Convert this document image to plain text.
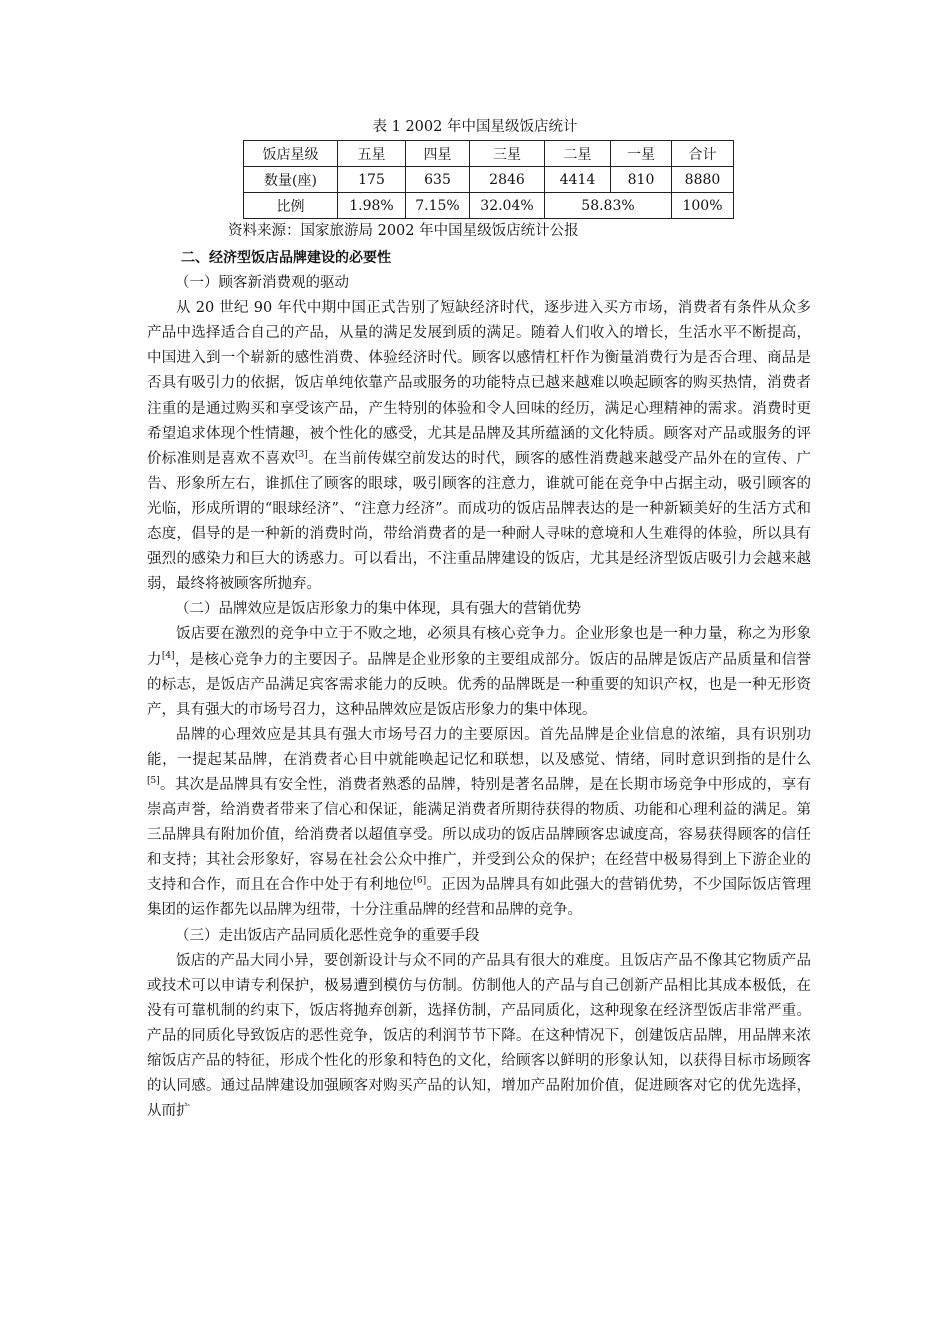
表 1 2002 年中国星级饭店统计
饭店星级	五星	四星	三星	二星	一星	合计
数量(座)	175	635	2846	4414	810	8880
比例	1.98%	7.15%	32.04%	58.83%		100%
资料来源：国家旅游局 2002 年中国星级饭店统计公报

二、经济型饭店品牌建设的必要性

（一）顾客新消费观的驱动

从 20 世纪 90 年代中期中国正式告别了短缺经济时代，逐步进入买方市场，消费者有条件从众多产品中选择适合自己的产品，从量的满足发展到质的满足。随着人们收入的增长，生活水平不断提高，中国进入到一个崭新的感性消费、体验经济时代。顾客以感情杠杆作为衡量消费行为是否合理、商品是否具有吸引力的依据，饭店单纯依靠产品或服务的功能特点已越来越难以唤起顾客的购买热情，消费者注重的是通过购买和享受该产品，产生特别的体验和令人回味的经历，满足心理精神的需求。消费时更希望追求体现个性情趣，被个性化的感受，尤其是品牌及其所蕴涵的文化特质。顾客对产品或服务的评价标准则是喜欢不喜欢[3]。在当前传媒空前发达的时代，顾客的感性消费越来越受产品外在的宣传、广告、形象所左右，谁抓住了顾客的眼球，吸引顾客的注意力，谁就可能在竞争中占据主动，吸引顾客的光临，形成所谓的“眼球经济”、“注意力经济”。而成功的饭店品牌表达的是一种新颖美好的生活方式和态度，倡导的是一种新的消费时尚，带给消费者的是一种耐人寻味的意境和人生难得的体验，所以具有强烈的感染力和巨大的诱惑力。可以看出，不注重品牌建设的饭店，尤其是经济型饭店吸引力会越来越弱，最终将被顾客所抛弃。

（二）品牌效应是饭店形象力的集中体现，具有强大的营销优势

饭店要在激烈的竞争中立于不败之地，必须具有核心竞争力。企业形象也是一种力量，称之为形象力[4]，是核心竞争力的主要因子。品牌是企业形象的主要组成部分。饭店的品牌是饭店产品质量和信誉的标志，是饭店产品满足宾客需求能力的反映。优秀的品牌既是一种重要的知识产权，也是一种无形资产，具有强大的市场号召力，这种品牌效应是饭店形象力的集中体现。

品牌的心理效应是其具有强大市场号召力的主要原因。首先品牌是企业信息的浓缩，具有识别功能，一提起某品牌，在消费者心目中就能唤起记忆和联想，以及感觉、情绪，同时意识到指的是什么[5]。其次是品牌具有安全性，消费者熟悉的品牌，特别是著名品牌，是在长期市场竞争中形成的，享有崇高声誉，给消费者带来了信心和保证，能满足消费者所期待获得的物质、功能和心理利益的满足。第三品牌具有附加价值，给消费者以超值享受。所以成功的饭店品牌顾客忠诚度高，容易获得顾客的信任和支持；其社会形象好，容易在社会公众中推广，并受到公众的保护；在经营中极易得到上下游企业的支持和合作，而且在合作中处于有利地位[6]。正因为品牌具有如此强大的营销优势，不少国际饭店管理集团的运作都先以品牌为纽带，十分注重品牌的经营和品牌的竞争。

（三）走出饭店产品同质化恶性竞争的重要手段

饭店的产品大同小异，要创新设计与众不同的产品具有很大的难度。且饭店产品不像其它物质产品或技术可以申请专利保护，极易遭到模仿与仿制。仿制他人的产品与自己创新产品相比其成本极低，在没有可靠机制的约束下，饭店将抛弃创新，选择仿制，产品同质化，这种现象在经济型饭店非常严重。产品的同质化导致饭店的恶性竞争，饭店的利润节节下降。在这种情况下，创建饭店品牌，用品牌来浓缩饭店产品的特征，形成个性化的形象和特色的文化，给顾客以鲜明的形象认知，以获得目标市场顾客的认同感。通过品牌建设加强顾客对购买产品的认知，增加产品附加价值，促进顾客对它的优先选择，从而扩
